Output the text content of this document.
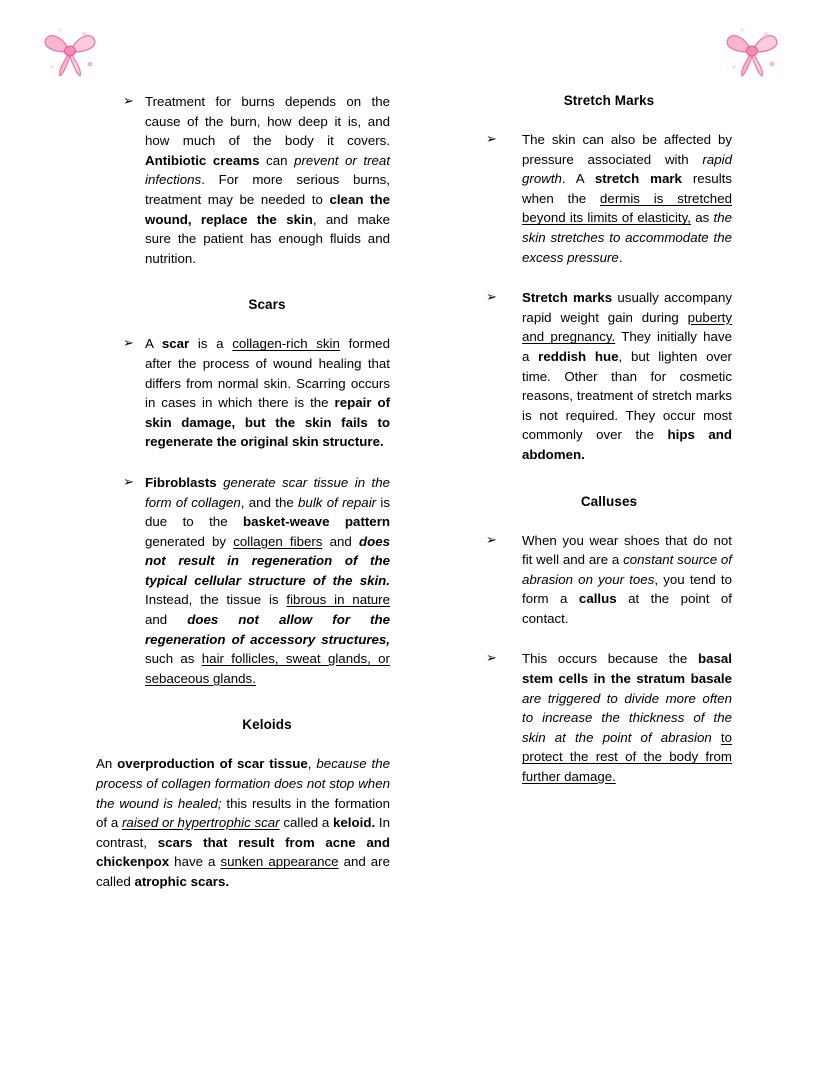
➢ Treatment for burns depends on the cause of the burn, how deep it is, and how much of the body it covers. Antibiotic creams can prevent or treat infections. For more serious burns, treatment may be needed to clean the wound, replace the skin, and make sure the patient has enough fluids and nutrition.
Scars
➢ A scar is a collagen-rich skin formed after the process of wound healing that differs from normal skin. Scarring occurs in cases in which there is the repair of skin damage, but the skin fails to regenerate the original skin structure.
➢ Fibroblasts generate scar tissue in the form of collagen, and the bulk of repair is due to the basket-weave pattern generated by collagen fibers and does not result in regeneration of the typical cellular structure of the skin. Instead, the tissue is fibrous in nature and does not allow for the regeneration of accessory structures, such as hair follicles, sweat glands, or sebaceous glands.
Keloids

An overproduction of scar tissue, because the process of collagen formation does not stop when the wound is healed; this results in the formation of a raised or hypertrophic scar called a keloid. In contrast, scars that result from acne and chickenpox have a sunken appearance and are called atrophic scars.

Stretch Marks
➢ The skin can also be affected by pressure associated with rapid growth. A stretch mark results when the dermis is stretched beyond its limits of elasticity, as the skin stretches to accommodate the excess pressure.
➢ Stretch marks usually accompany rapid weight gain during puberty and pregnancy. They initially have a reddish hue, but lighten over time. Other than for cosmetic reasons, treatment of stretch marks is not required. They occur most commonly over the hips and abdomen.
Calluses
➢ When you wear shoes that do not fit well and are a constant source of abrasion on your toes, you tend to form a callus at the point of contact.
➢ This occurs because the basal stem cells in the stratum basale are triggered to divide more often to increase the thickness of the skin at the point of abrasion to protect the rest of the body from further damage.
